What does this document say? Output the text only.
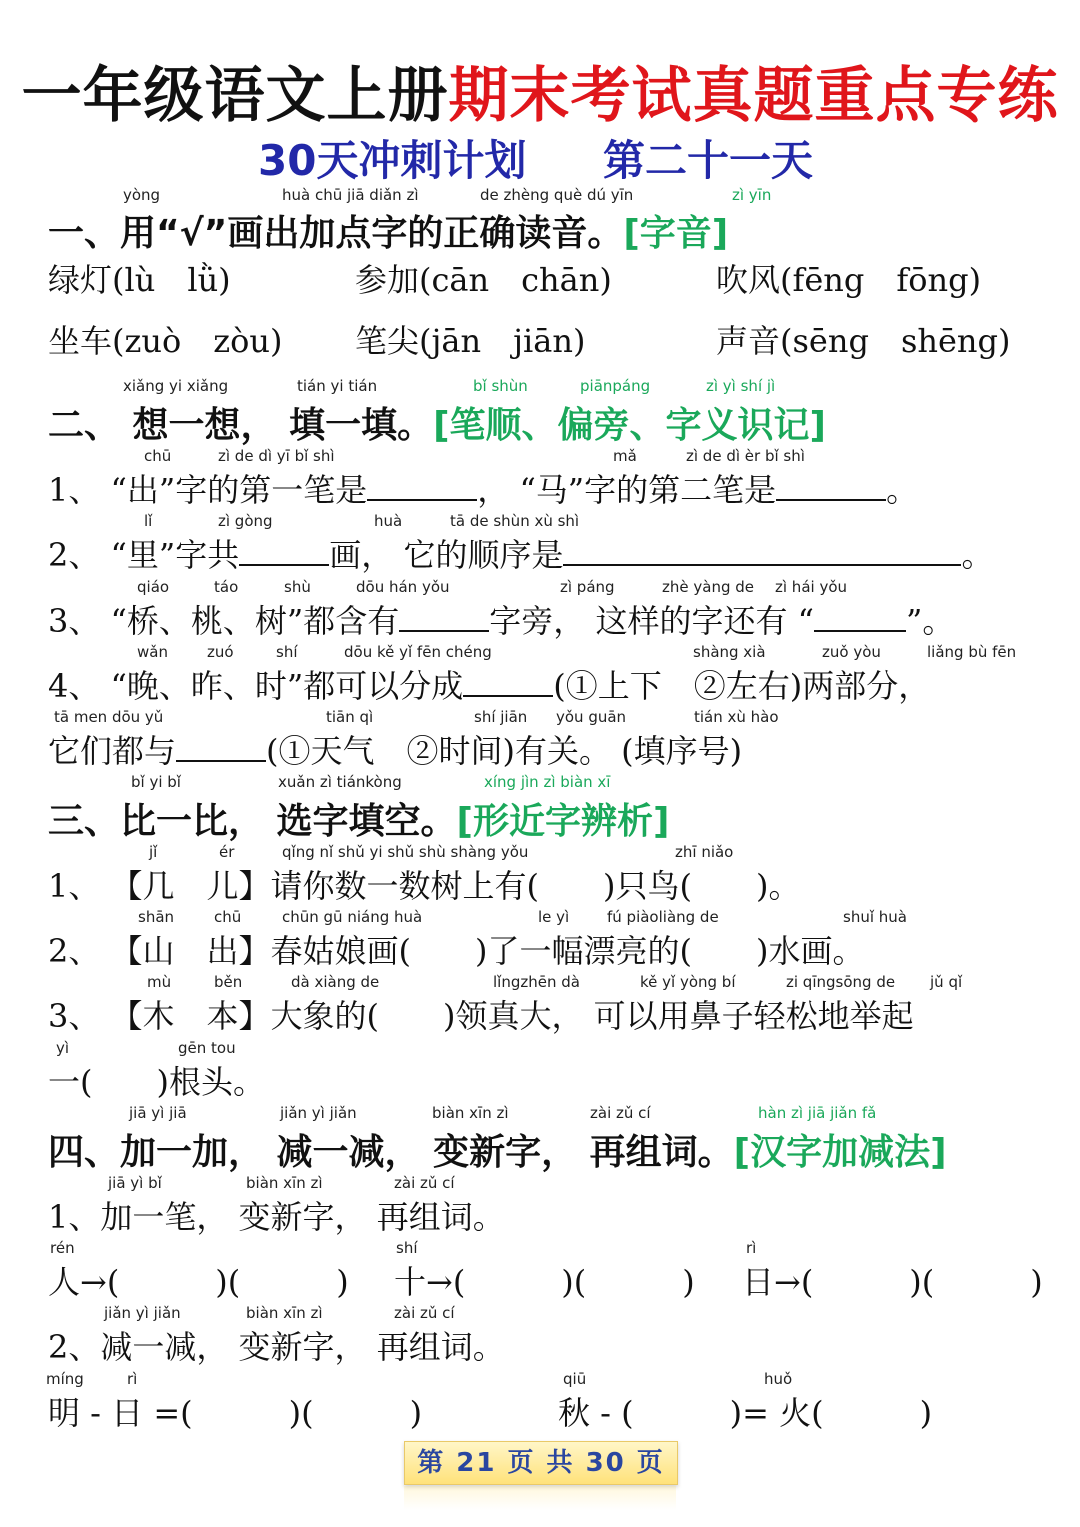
一年级语文上册期末考试真题重点专练
30天冲刺计划 第二十一天
yòng	huà chū jiā diǎn zì	de zhèng què dú yīn	zì yīn
一、用“√”画出加点字的正确读音。[字音]
绿灯(lù　lǜ)	参加(cān　chān)	吹风(fēng　fōng)
坐车(zuò　zòu) 笔尖(jān　jiān)	声音(sēng　shēng)
xiǎng yi xiǎng	tián yi tián	bǐ shùn	piānpáng	zì yì shí jì
二、 想一想， 填一填。[笔顺、偏旁、字义识记]
chū	zì de dì yī bǐ shì	mǎ	zì de dì èr bǐ shì
1、 “出”字的第一笔是	， “马”字的第二笔是	。
lǐ	zì gòng	huà	tā de shùn xù shì
2、 “里”字共	画， 它的顺序是	。
qiáo	táo	shù	dōu hán yǒu	zì páng	zhè yàng de zì hái yǒu
3、 “桥、桃、树”都含有	字旁， 这样的字还有 “	”。
wǎn	zuó	shí	dōu kě yǐ fēn chéng	shàng xià	zuǒ yòu	liǎng bù fēn
4、 “晚、昨、时”都可以分成	(①上下　②左右)两部分，
tā men dōu yǔ	tiān qì	shí jiān yǒu guān	tián xù hào
它们都与	(①天气　②时间)有关。 (填序号)
bǐ yi bǐ	xuǎn zì tiánkòng	xíng jìn zì biàn xī
三、比一比， 选字填空。[形近字辨析]
jǐ	ér	qǐng nǐ shǔ yi shǔ shù shàng yǒu	zhī niǎo
1、 【几　儿】请你数一数树上有(　　)只鸟(　　)。
shān	chū	chūn gū niáng huà	le yì	fú piàoliàng de	shuǐ huà
2、 【山　出】春姑娘画(　　)了一幅漂亮的(　　)水画。
mù	běn	dà xiàng de	lǐngzhēn dà	kě yǐ yòng bí	zi qīngsōng de jǔ qǐ
3、 【木　本】大象的(　　)领真大， 可以用鼻子轻松地举起
yì	gēn tou
一(　　)根头。
jiā yì jiā	jiǎn yì jiǎn	biàn xīn zì	zài zǔ cí	hàn zì jiā jiǎn fǎ
四、加一加， 减一减， 变新字， 再组词。[汉字加减法]
jiā yì bǐ	biàn xīn zì	zài zǔ cí
1、加一笔， 变新字， 再组词。
rén	shí	rì
人→(　　　)(　　　) 十→(　　　)(　　　) 日→(　　　)(　　　)
jiǎn yì jiǎn	biàn xīn zì	zài zǔ cí
2、减一减， 变新字， 再组词。
míng	rì	qiū	huǒ
明 - 日 =(　　　)(　　　)	秋 - (　　　)= 火(　　　)
第 21 页 共 30 页
